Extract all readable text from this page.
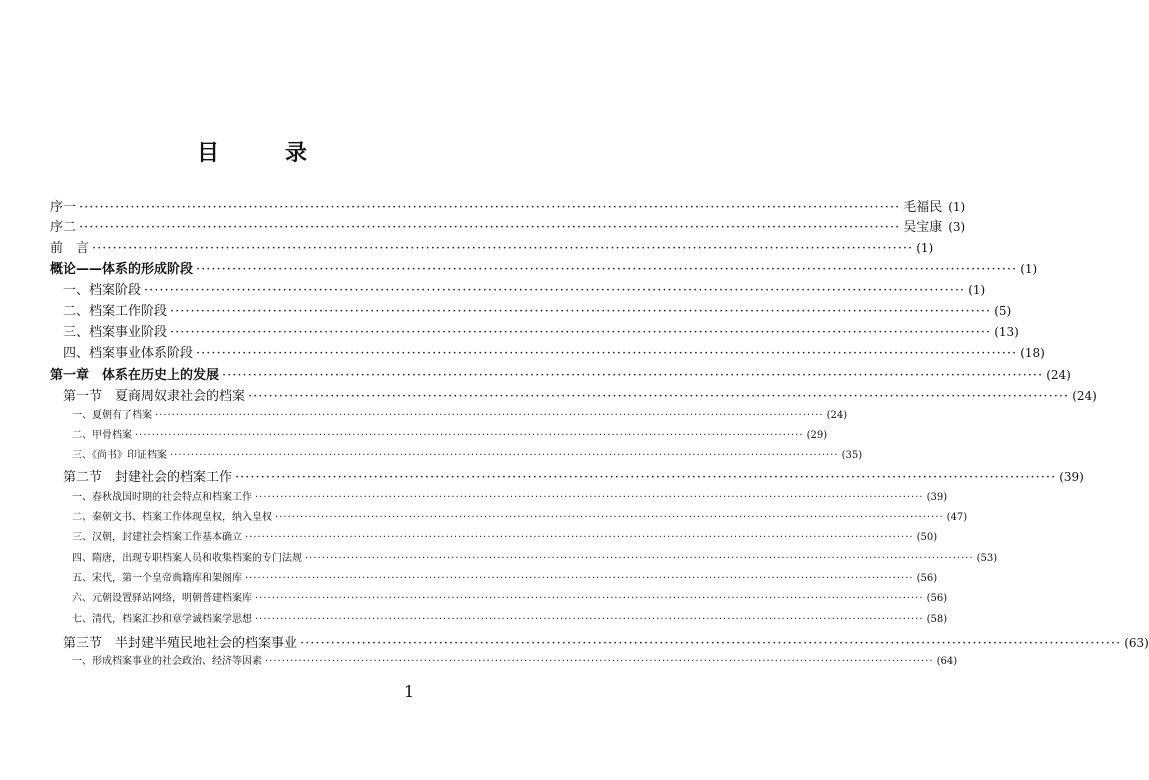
目　录
序一 ································································································································································ 毛福民 (1)
序二 ································································································································································ 吴宝康 (3)
前　言 ································································································································································ (1)
概论——体系的形成阶段 ································································································································································ (1)
一、档案阶段 ································································································································································ (1)
二、档案工作阶段 ································································································································································ (5)
三、档案事业阶段 ································································································································································ (13)
四、档案事业体系阶段 ································································································································································ (18)
第一章　体系在历史上的发展 ································································································································································ (24)
第一节　夏商周奴隶社会的档案 ································································································································································ (24)
一、夏朝有了档案 ································································································································································ (24)
二、甲骨档案 ································································································································································ (29)
三、《尚书》印证档案 ································································································································································ (35)
第二节　封建社会的档案工作 ································································································································································ (39)
一、春秋战国时期的社会特点和档案工作 ································································································································································ (39)
二、秦朝文书、档案工作体现皇权，纳入皇权 ································································································································································ (47)
三、汉朝，封建社会档案工作基本确立 ································································································································································ (50)
四、隋唐，出现专职档案人员和收集档案的专门法规 ································································································································································ (53)
五、宋代，第一个皇帝典籍库和架阁库 ································································································································································ (56)
六、元朝设置驿站网络，明朝普建档案库 ································································································································································ (56)
七、清代，档案汇抄和章学诚档案学思想 ································································································································································ (58)
第三节　半封建半殖民地社会的档案事业 ································································································································································ (63)
一、形成档案事业的社会政治、经济等因素 ································································································································································ (64)
1
